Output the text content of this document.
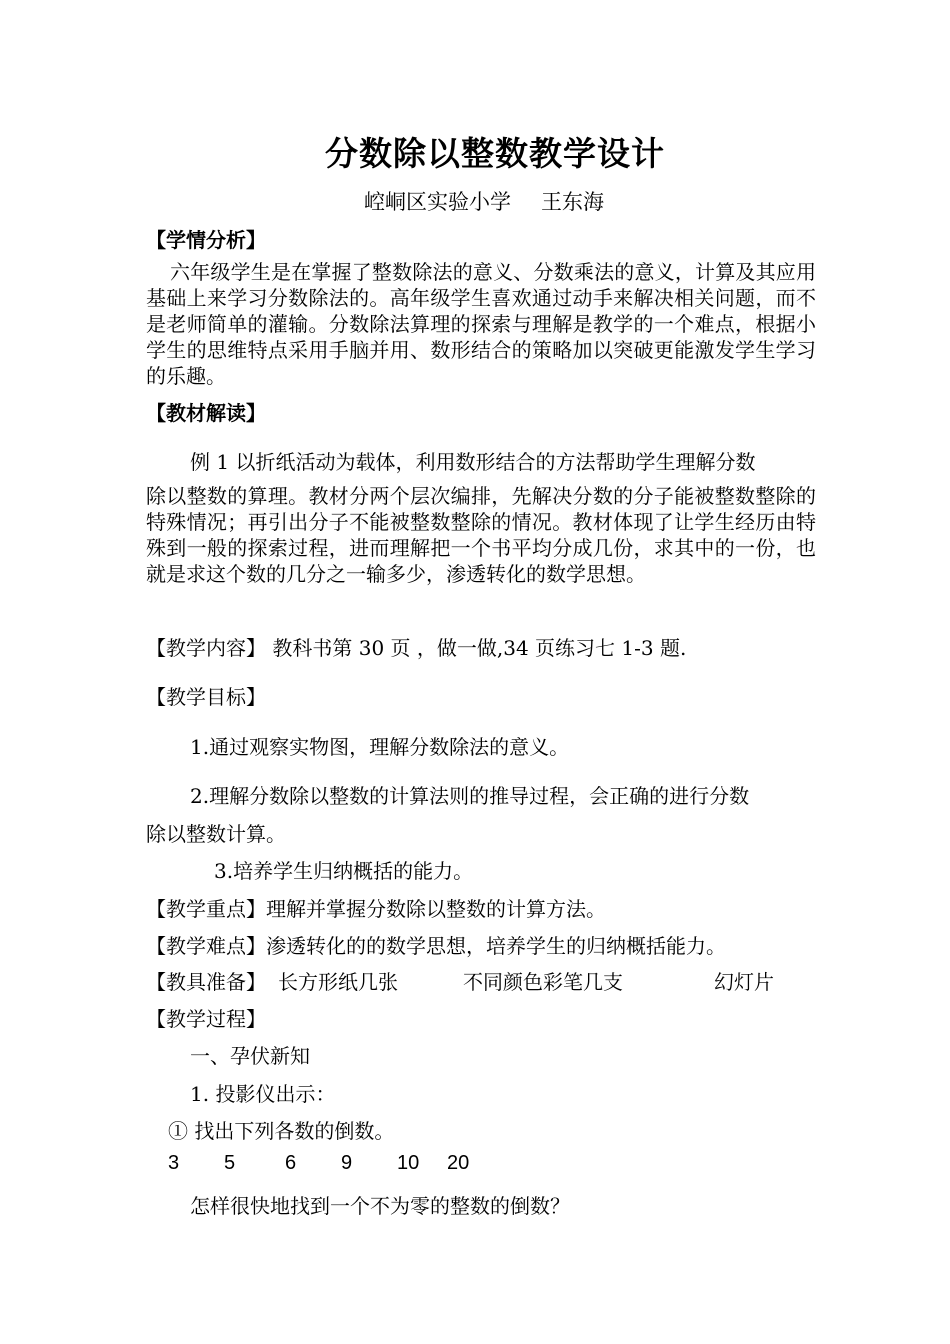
分数除以整数教学设计
崆峒区实验小学 王东海
【学情分析】
六年级学生是在掌握了整数除法的意义、分数乘法的意义，计算及其应用基础上来学习分数除法的。高年级学生喜欢通过动手来解决相关问题，而不是老师简单的灌输。分数除法算理的探索与理解是教学的一个难点，根据小学生的思维特点采用手脑并用、数形结合的策略加以突破更能激发学生学习的乐趣。
【教材解读】
例 1 以折纸活动为载体，利用数形结合的方法帮助学生理解分数
除以整数的算理。教材分两个层次编排，先解决分数的分子能被整数整除的特殊情况；再引出分子不能被整数整除的情况。教材体现了让学生经历由特殊到一般的探索过程，进而理解把一个书平均分成几份，求其中的一份，也就是求这个数的几分之一输多少，渗透转化的数学思想。
【教学内容】 教科书第 30 页 ，做一做,34 页练习七 1-3 题.
【教学目标】
1.通过观察实物图，理解分数除法的意义。
2.理解分数除以整数的计算法则的推导过程，会正确的进行分数
除以整数计算。
3.培养学生归纳概括的能力。
【教学重点】理解并掌握分数除以整数的计算方法。
【教学难点】渗透转化的的数学思想，培养学生的归纳概括能力。
【教具准备】 长方形纸几张	不同颜色彩笔几支	幻灯片
【教学过程】
一、孕伏新知
1. 投影仪出示：
① 找出下列各数的倒数。
3 5 6 9 10 20
怎样很快地找到一个不为零的整数的倒数？
